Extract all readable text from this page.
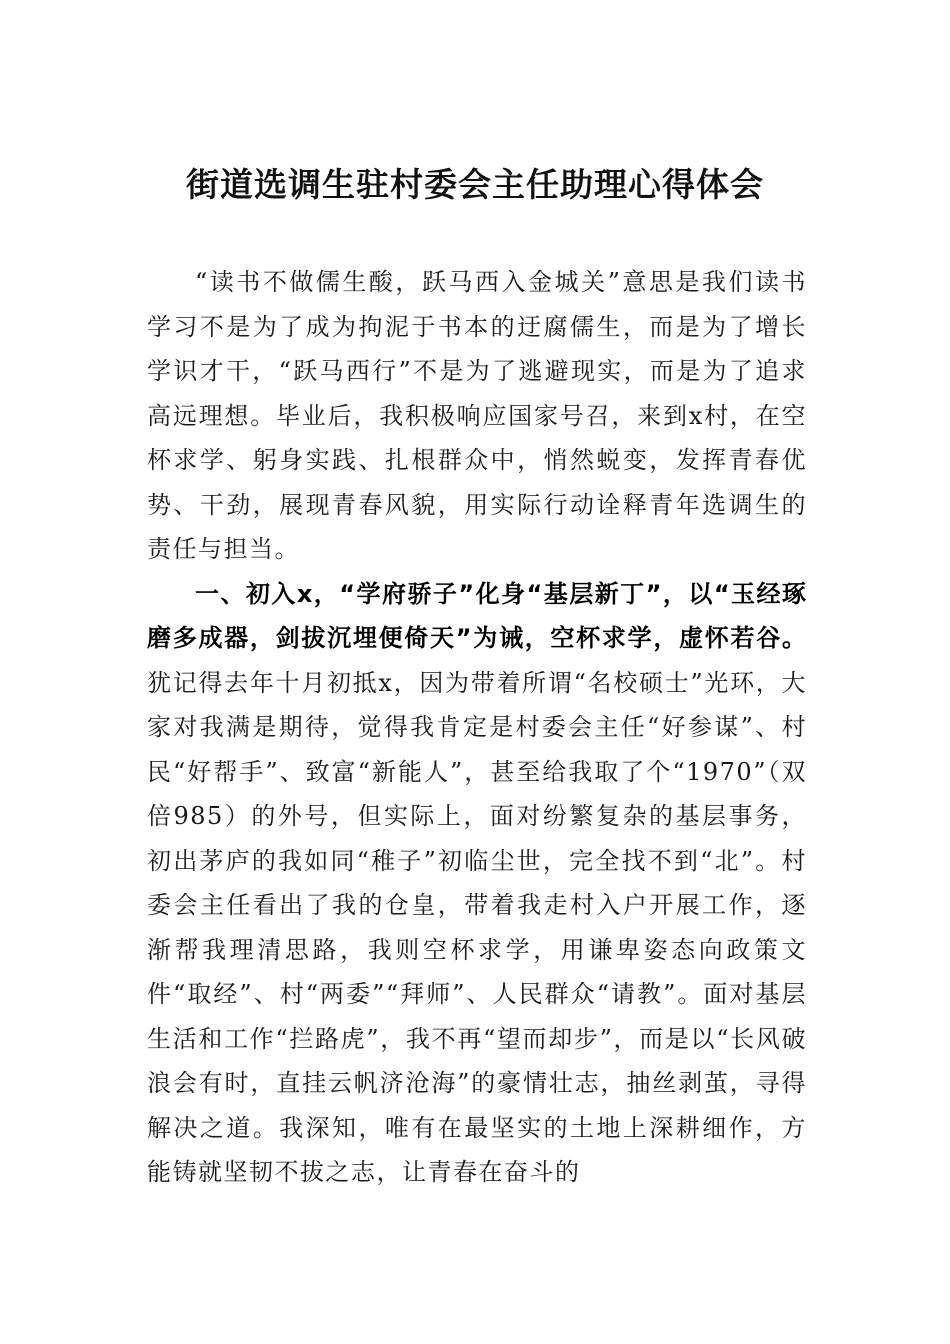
街道选调生驻村委会主任助理心得体会

“读书不做儒生酸，跃马西入金城关”意思是我们读书学习不是为了成为拘泥于书本的迂腐儒生，而是为了增长学识才干，“跃马西行”不是为了逃避现实，而是为了追求高远理想。毕业后，我积极响应国家号召，来到x村，在空杯求学、躬身实践、扎根群众中，悄然蜕变，发挥青春优势、干劲，展现青春风貌，用实际行动诠释青年选调生的责任与担当。

一、初入x，“学府骄子”化身“基层新丁”，以“玉经琢磨多成器，剑拔沉埋便倚天”为诫，空杯求学，虚怀若谷。犹记得去年十月初抵x，因为带着所谓“名校硕士”光环，大家对我满是期待，觉得我肯定是村委会主任“好参谋”、村民“好帮手”、致富“新能人”，甚至给我取了个“1970”（双倍985）的外号，但实际上，面对纷繁复杂的基层事务，初出茅庐的我如同“稚子”初临尘世，完全找不到“北”。村委会主任看出了我的仓皇，带着我走村入户开展工作，逐渐帮我理清思路，我则空杯求学，用谦卑姿态向政策文件“取经”、村“两委”“拜师”、人民群众“请教”。面对基层生活和工作“拦路虎”，我不再“望而却步”，而是以“长风破浪会有时，直挂云帆济沧海”的豪情壮志，抽丝剥茧，寻得解决之道。我深知，唯有在最坚实的土地上深耕细作，方能铸就坚韧不拔之志，让青春在奋斗的
